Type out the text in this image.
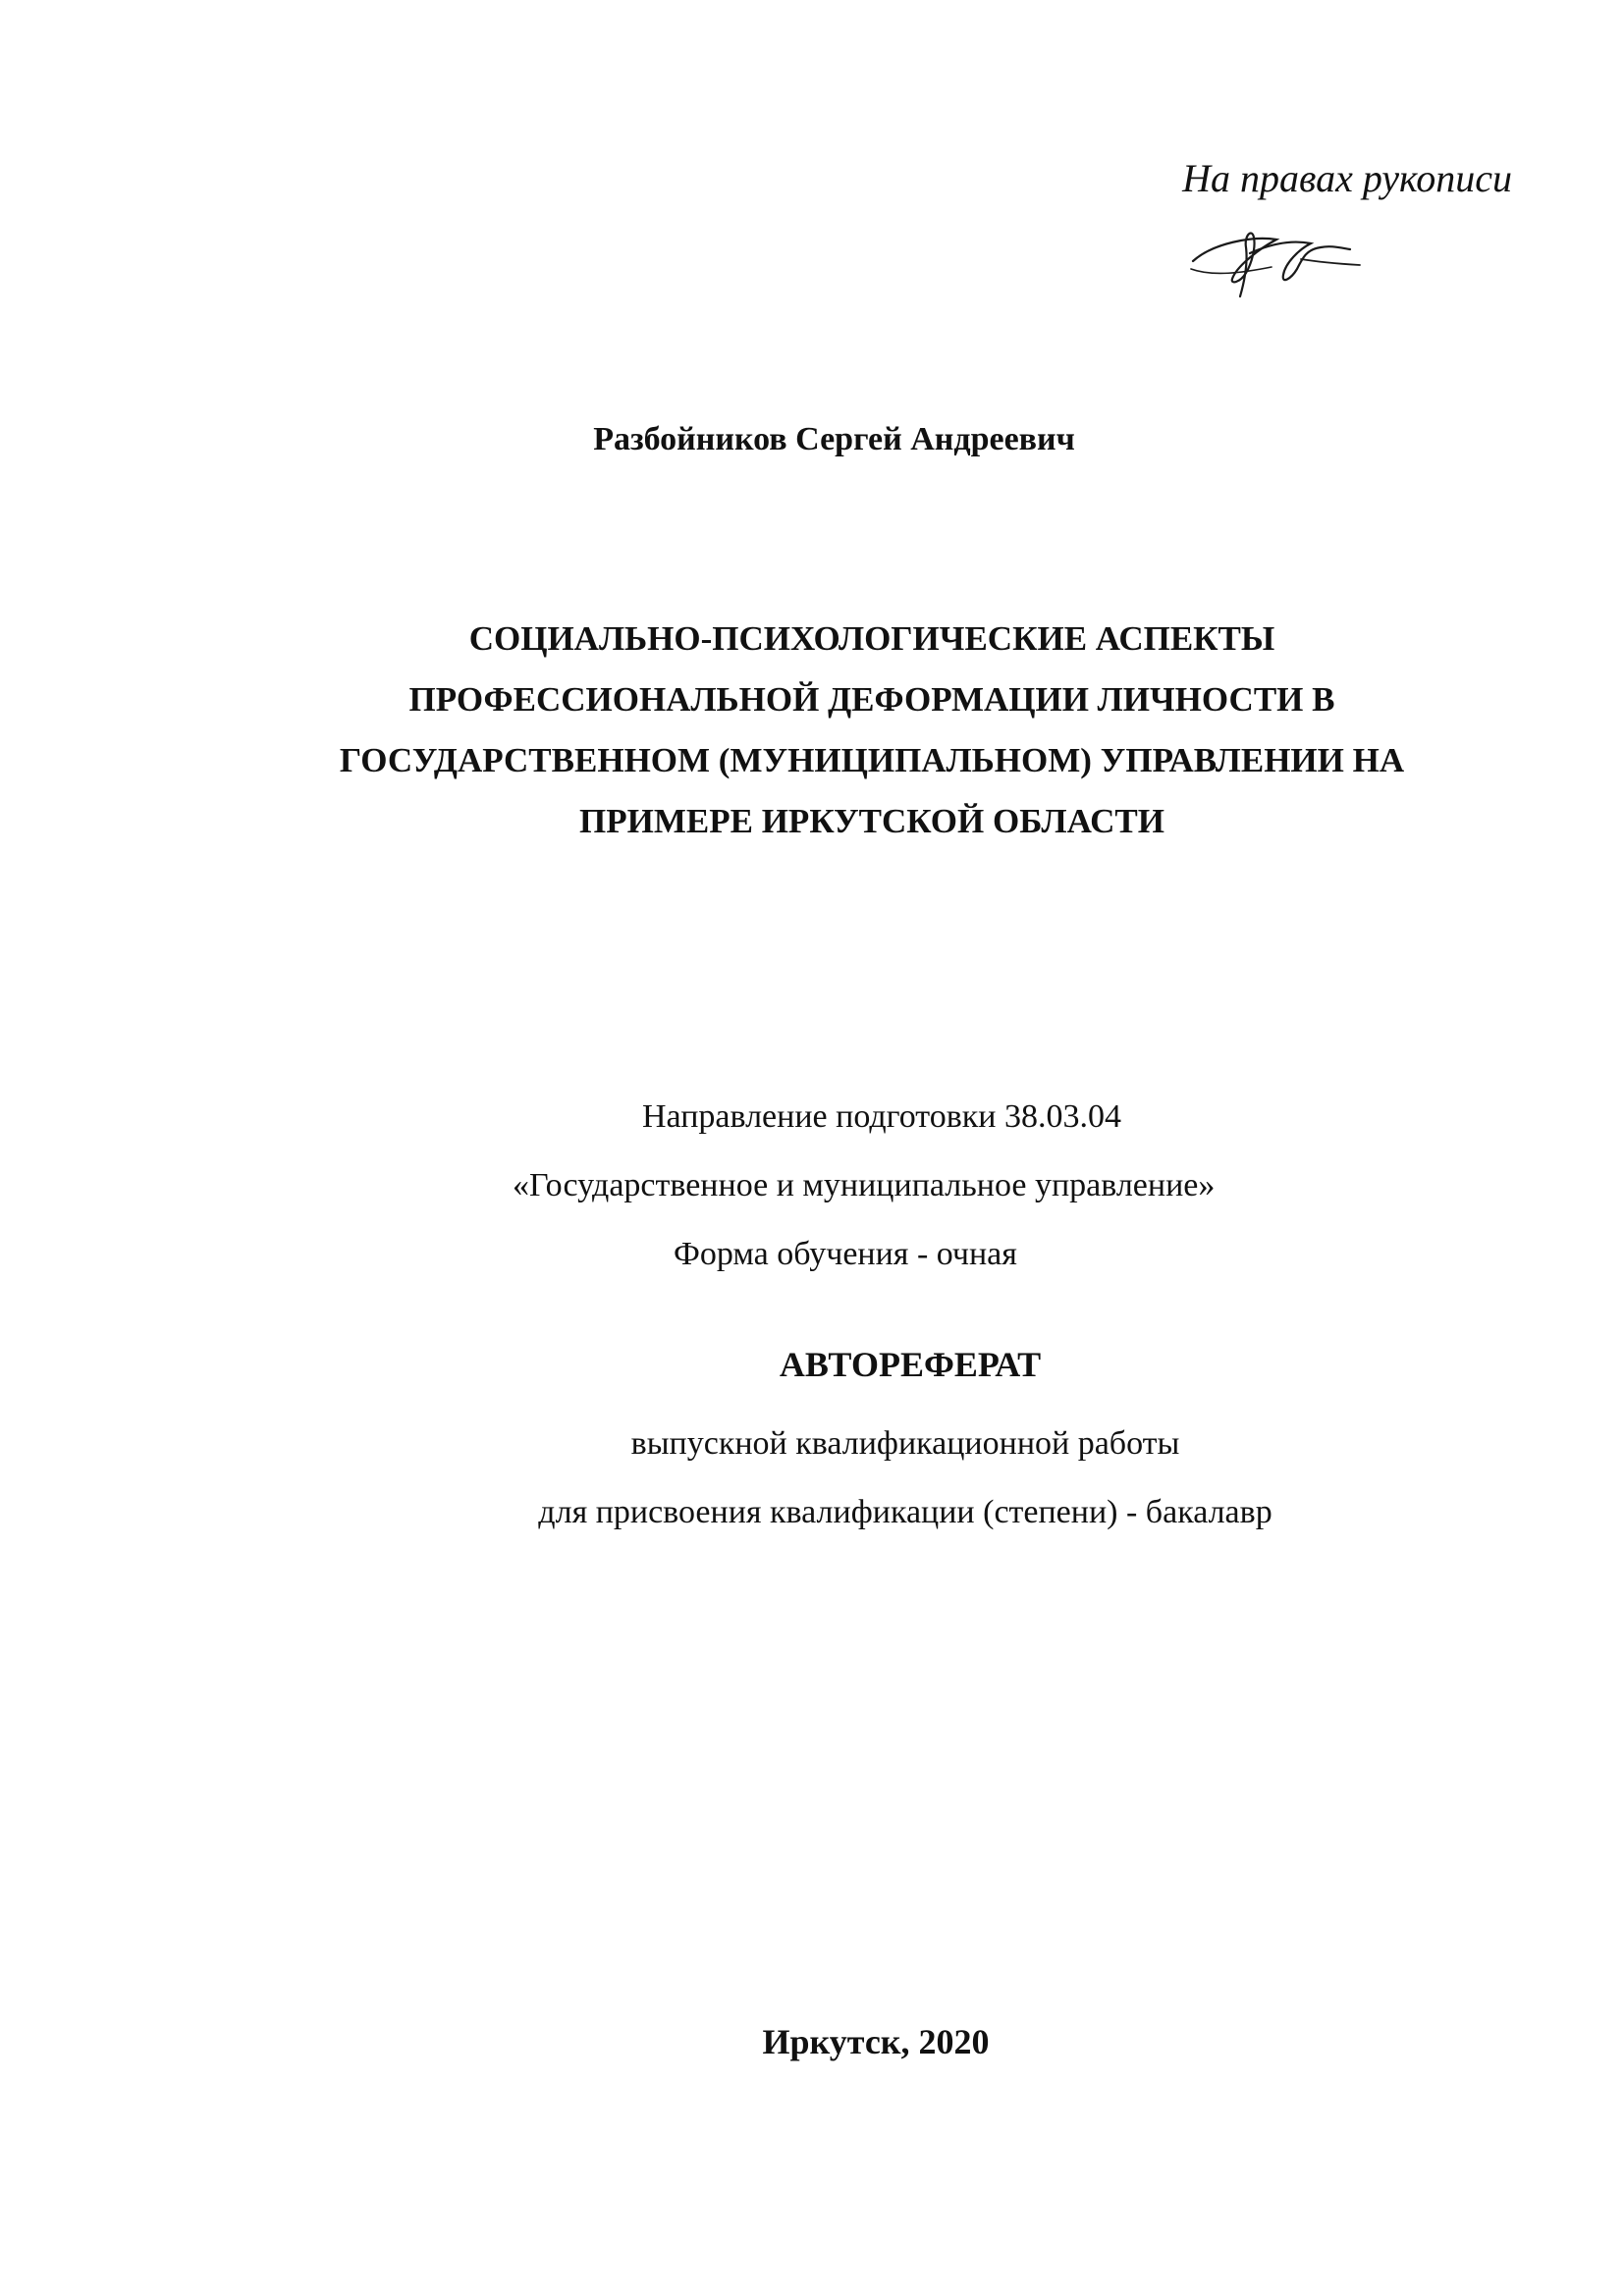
На правах рукописи
Разбойников Сергей Андреевич
СОЦИАЛЬНО-ПСИХОЛОГИЧЕСКИЕ АСПЕКТЫ
ПРОФЕССИОНАЛЬНОЙ ДЕФОРМАЦИИ ЛИЧНОСТИ В
ГОСУДАРСТВЕННОМ (МУНИЦИПАЛЬНОМ) УПРАВЛЕНИИ НА
ПРИМЕРЕ ИРКУТСКОЙ ОБЛАСТИ
Направление подготовки 38.03.04
«Государственное и муниципальное управление»
Форма обучения - очная
АВТОРЕФЕРАТ
выпускной квалификационной работы
для присвоения квалификации (степени) - бакалавр
Иркутск, 2020
